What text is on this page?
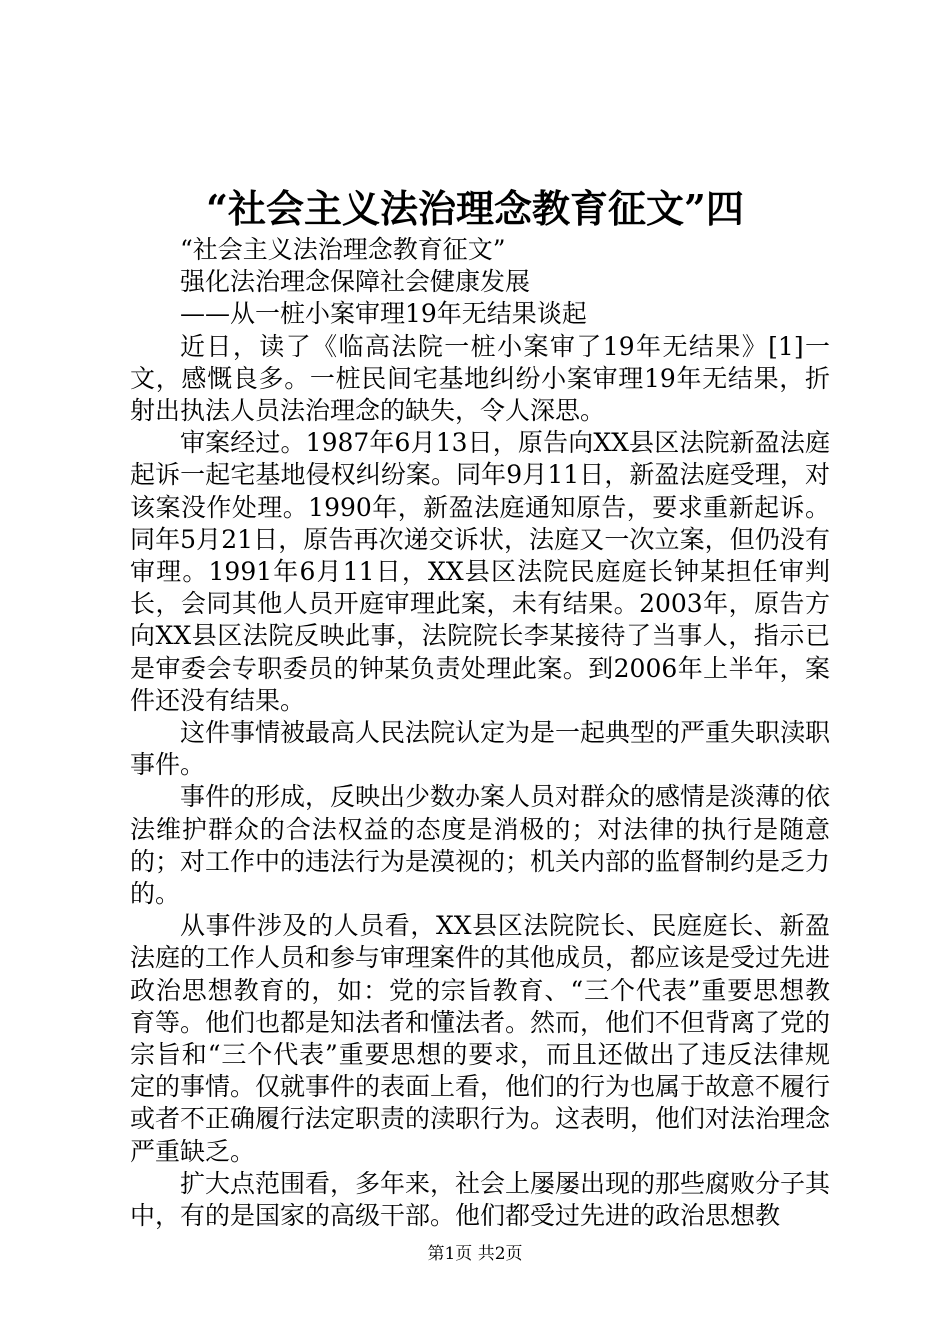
“社会主义法治理念教育征文”四

“社会主义法治理念教育征文”

强化法治理念保障社会健康发展

——从一桩小案审理19年无结果谈起

近日，读了《临高法院一桩小案审了19年无结果》[1]一文，感慨良多。一桩民间宅基地纠纷小案审理19年无结果，折射出执法人员法治理念的缺失，令人深思。

审案经过。1987年6月13日，原告向XX县区法院新盈法庭起诉一起宅基地侵权纠纷案。同年9月11日，新盈法庭受理，对该案没作处理。1990年，新盈法庭通知原告，要求重新起诉。同年5月21日，原告再次递交诉状，法庭又一次立案，但仍没有审理。1991年6月11日，XX县区法院民庭庭长钟某担任审判长，会同其他人员开庭审理此案，未有结果。2003年，原告方向XX县区法院反映此事，法院院长李某接待了当事人，指示已是审委会专职委员的钟某负责处理此案。到2006年上半年，案件还没有结果。

这件事情被最高人民法院认定为是一起典型的严重失职渎职事件。

事件的形成，反映出少数办案人员对群众的感情是淡薄的依法维护群众的合法权益的态度是消极的；对法律的执行是随意的；对工作中的违法行为是漠视的；机关内部的监督制约是乏力的。

从事件涉及的人员看，XX县区法院院长、民庭庭长、新盈法庭的工作人员和参与审理案件的其他成员，都应该是受过先进政治思想教育的，如：党的宗旨教育、“三个代表”重要思想教育等。他们也都是知法者和懂法者。然而，他们不但背离了党的宗旨和“三个代表”重要思想的要求，而且还做出了违反法律规定的事情。仅就事件的表面上看，他们的行为也属于故意不履行或者不正确履行法定职责的渎职行为。这表明，他们对法治理念严重缺乏。

扩大点范围看，多年来，社会上屡屡出现的那些腐败分子其中，有的是国家的高级干部。他们都受过先进的政治思想教

第1页 共2页
